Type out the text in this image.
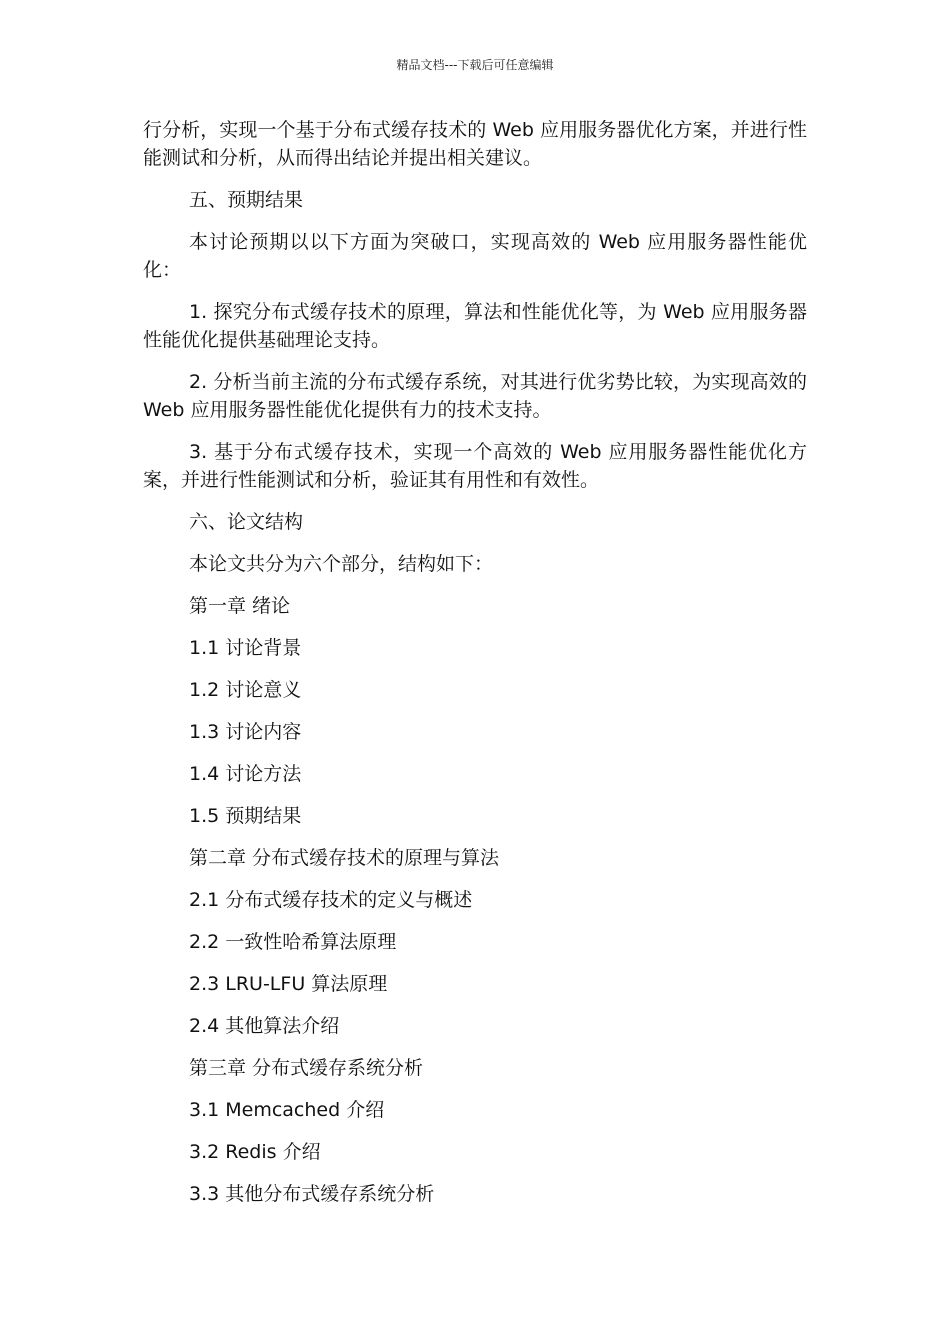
精品文档---下载后可任意编辑

行分析，实现一个基于分布式缓存技术的 Web 应用服务器优化方案，并进行性能测试和分析，从而得出结论并提出相关建议。

五、预期结果

本讨论预期以以下方面为突破口，实现高效的 Web 应用服务器性能优化：

1. 探究分布式缓存技术的原理，算法和性能优化等，为 Web 应用服务器性能优化提供基础理论支持。

2. 分析当前主流的分布式缓存系统，对其进行优劣势比较，为实现高效的 Web 应用服务器性能优化提供有力的技术支持。

3. 基于分布式缓存技术，实现一个高效的 Web 应用服务器性能优化方案，并进行性能测试和分析，验证其有用性和有效性。

六、论文结构

本论文共分为六个部分，结构如下：

第一章 绪论

1.1 讨论背景

1.2 讨论意义

1.3 讨论内容

1.4 讨论方法

1.5 预期结果

第二章 分布式缓存技术的原理与算法

2.1 分布式缓存技术的定义与概述

2.2 一致性哈希算法原理

2.3 LRU-LFU 算法原理

2.4 其他算法介绍

第三章 分布式缓存系统分析

3.1 Memcached 介绍

3.2 Redis 介绍

3.3 其他分布式缓存系统分析
